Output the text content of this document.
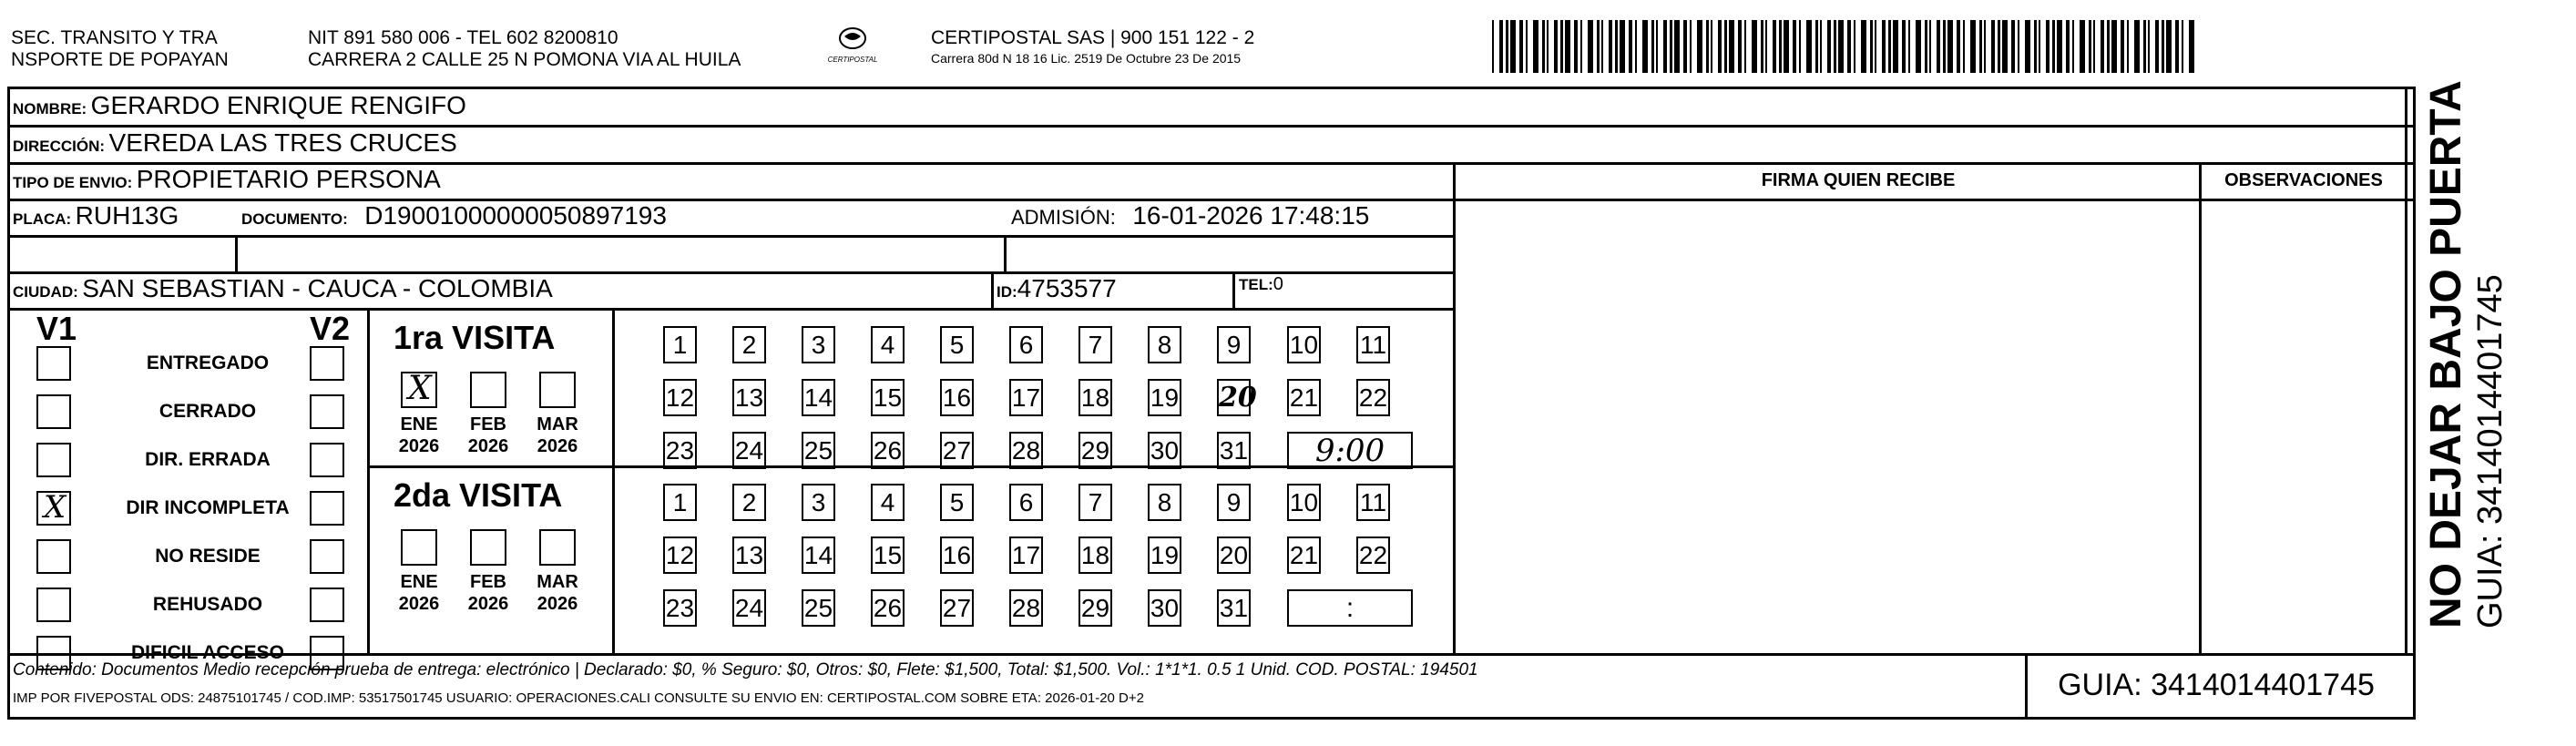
SEC. TRANSITO Y TRA
NSPORTE DE POPAYAN
NIT 891 580 006 - TEL 602 8200810
CARRERA 2 CALLE 25 N POMONA VIA AL HUILA	CERTIPOSTAL
CERTIPOSTAL SAS | 900 151 122 - 2
Carrera 80d N 18 16 Lic. 2519 De Octubre 23 De 2015
NOMBRE: GERARDO ENRIQUE RENGIFO
DIRECCIÓN: VEREDA LAS TRES CRUCES
TIPO DE ENVIO: PROPIETARIO PERSONA	FIRMA QUIEN RECIBE	OBSERVACIONES
PLACA: RUH13G	DOCUMENTO: D19001000000050897193	ADMISIÓN: 16-01-2026 17:48:15
CIUDAD: SAN SEBASTIAN - CAUCA - COLOMBIA	ID:4753577	TEL:0
V1	V2
ENTREGADO
CERRADO
DIR. ERRADA
X	DIR INCOMPLETA
NO RESIDE
REHUSADO
DIFICIL ACCESO
1ra VISITA
X
ENE
2026
FEB
2026
MAR
2026
1	2	3	4	5	6	7	8	9	10 11
12 13 14 15 16 17 18 19 20 21 22
23 24 25 26 27 28 29 30 31	9:00
2da VISITA
ENE
2026
FEB
2026
MAR
2026
1	2	3	4	5	6	7	8	9	10 11
12 13 14 15 16 17 18 19 20 21 22
23 24 25 26 27 28 29 30 31	:
Contenido: Documentos Medio recepción prueba de entrega: electrónico | Declarado: $0, % Seguro: $0, Otros: $0, Flete: $1,500, Total: $1,500. Vol.: 1*1*1. 0.5 1 Unid. COD. POSTAL: 194501
IMP POR FIVEPOSTAL ODS: 24875101745 / COD.IMP: 53517501745 USUARIO: OPERACIONES.CALI CONSULTE SU ENVIO EN: CERTIPOSTAL.COM SOBRE ETA: 2026-01-20 D+2	GUIA: 3414014401745
NO DEJAR BAJO PUERTA GUIA: 3414014401745
